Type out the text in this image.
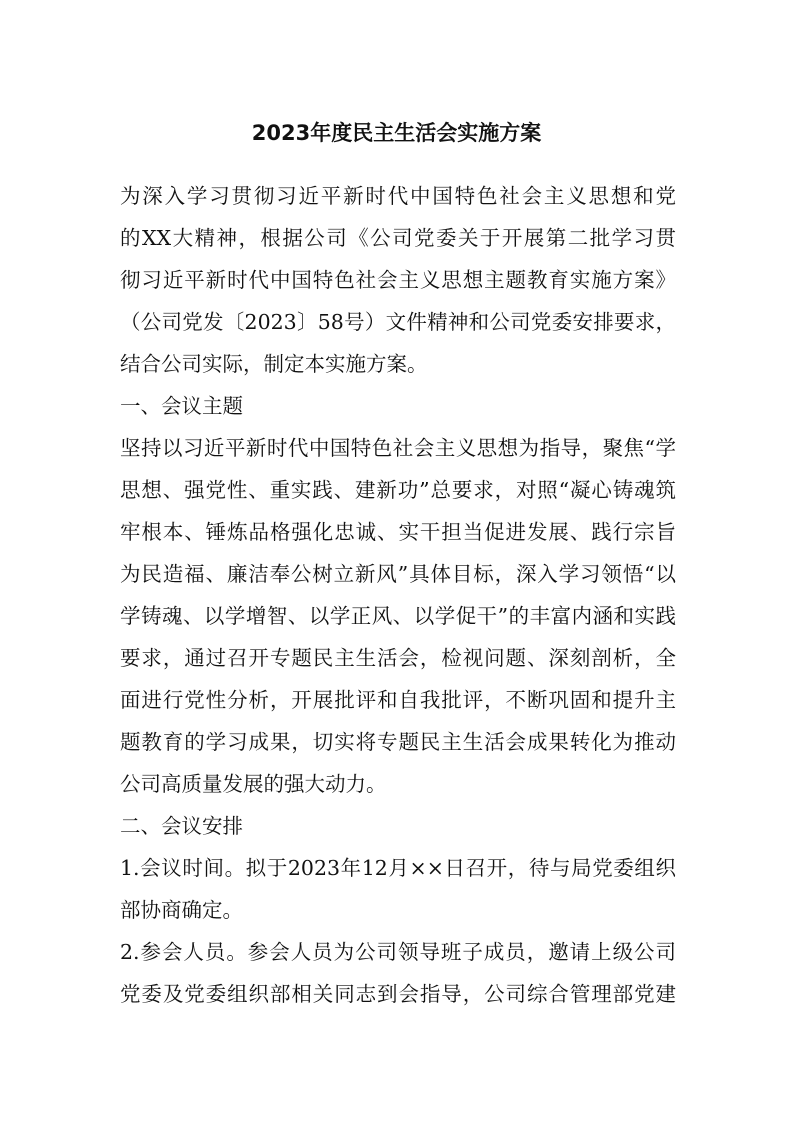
2023年度民主生活会实施方案
为深入学习贯彻习近平新时代中国特色社会主义思想和党
的XX大精神，根据公司《公司党委关于开展第二批学习贯
彻习近平新时代中国特色社会主义思想主题教育实施方案》
（公司党发〔2023〕58号）文件精神和公司党委安排要求，
结合公司实际，制定本实施方案。
一、会议主题
坚持以习近平新时代中国特色社会主义思想为指导，聚焦“学
思想、强党性、重实践、建新功”总要求，对照“凝心铸魂筑
牢根本、锤炼品格强化忠诚、实干担当促进发展、践行宗旨
为民造福、廉洁奉公树立新风”具体目标，深入学习领悟“以
学铸魂、以学增智、以学正风、以学促干”的丰富内涵和实践
要求，通过召开专题民主生活会，检视问题、深刻剖析，全
面进行党性分析，开展批评和自我批评，不断巩固和提升主
题教育的学习成果，切实将专题民主生活会成果转化为推动
公司高质量发展的强大动力。
二、会议安排
1.会议时间。拟于2023年12月××日召开，待与局党委组织
部协商确定。
2.参会人员。参会人员为公司领导班子成员，邀请上级公司
党委及党委组织部相关同志到会指导，公司综合管理部党建
